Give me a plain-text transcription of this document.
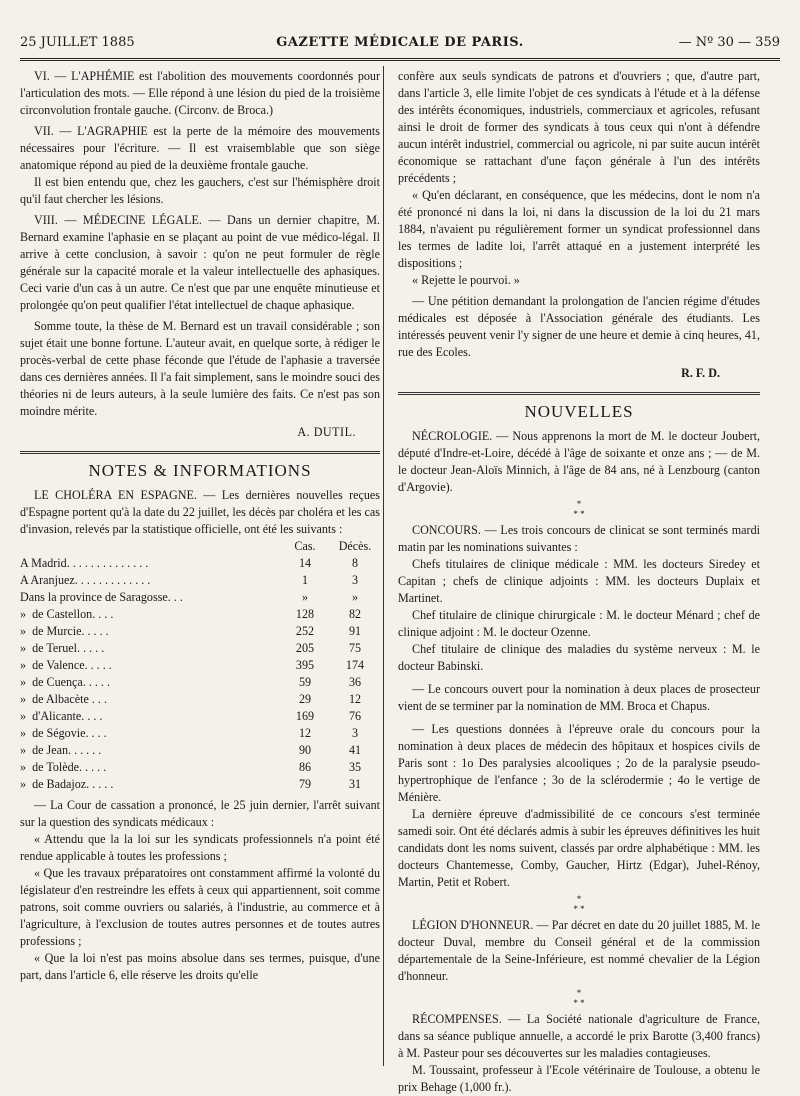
25 JUILLET 1885	GAZETTE MÉDICALE DE PARIS.	— Nº 30 — 359

VI. — L'APHÉMIE est l'abolition des mouvements coordonnés pour l'articulation des mots. — Elle répond à une lésion du pied de la troisième circonvolution frontale gauche. (Circonv. de Broca.)

VII. — L'AGRAPHIE est la perte de la mémoire des mouvements nécessaires pour l'écriture. — Il est vraisemblable que son siège anatomique répond au pied de la deuxième frontale gauche.

Il est bien entendu que, chez les gauchers, c'est sur l'hémisphère droit qu'il faut chercher les lésions.

VIII. — MÉDECINE LÉGALE. — Dans un dernier chapitre, M. Bernard examine l'aphasie en se plaçant au point de vue médico-légal. Il arrive à cette conclusion, à savoir : qu'on ne peut formuler de règle générale sur la capacité morale et la valeur intellectuelle des aphasiques. Ceci varie d'un cas à un autre. Ce n'est que par une enquête minutieuse et prolongée qu'on peut qualifier l'état intellectuel de chaque aphasique.

Somme toute, la thèse de M. Bernard est un travail considérable ; son sujet était une bonne fortune. L'auteur avait, en quelque sorte, à rédiger le procès-verbal de cette phase féconde que l'étude de l'aphasie a traversée dans ces dernières années. Il l'a fait simplement, sans le moindre souci des théories ni de leurs auteurs, à la seule lumière des faits. Ce n'est pas son moindre mérite.

A. DUTIL.
NOTES & INFORMATIONS

LE CHOLÉRA EN ESPAGNE. — Les dernières nouvelles reçues d'Espagne portent qu'à la date du 22 juillet, les décès par choléra et les cas d'invasion, relevés par la statistique officielle, ont été les suivants :

	Cas.	Décès.
A Madrid. . . . . . . . . . . . . .	14	8
A Aranjuez. . . . . . . . . . . . .	1	3
Dans la province de Saragosse. . .	»	»
»  de Castellon. . . .	128	82
»  de Murcie. . . . .	252	91
»  de Teruel. . . . .	205	75
»  de Valence. . . . .	395	174
»  de Cuença. . . . .	59	36
»  de Albacète . . .	29	12
»  d'Alicante. . . .	169	76
»  de Ségovie. . . .	12	3
»  de Jean. . . . . .	90	41
»  de Tolède. . . . .	86	35
»  de Badajoz. . . . .	79	31

— La Cour de cassation a prononcé, le 25 juin dernier, l'arrêt suivant sur la question des syndicats médicaux :

« Attendu que la la loi sur les syndicats professionnels n'a point été rendue applicable à toutes les professions ;

« Que les travaux préparatoires ont constamment affirmé la volonté du législateur d'en restreindre les effets à ceux qui appartiennent, soit comme patrons, soit comme ouvriers ou salariés, à l'industrie, au commerce et à l'agriculture, à l'exclusion de toutes autres personnes et de toutes autres professions ;

« Que la loi n'est pas moins absolue dans ses termes, puisque, d'une part, dans l'article 6, elle réserve les droits qu'elle

confère aux seuls syndicats de patrons et d'ouvriers ; que, d'autre part, dans l'article 3, elle limite l'objet de ces syndicats à l'étude et à la défense des intérêts économiques, industriels, commerciaux et agricoles, refusant ainsi le droit de former des syndicats à tous ceux qui n'ont à défendre aucun intérêt industriel, commercial ou agricole, ni par suite aucun intérêt économique se rattachant d'une façon générale à l'un des intérêts précédents ;

« Qu'en déclarant, en conséquence, que les médecins, dont le nom n'a été prononcé ni dans la loi, ni dans la discussion de la loi du 21 mars 1884, n'avaient pu régulièrement former un syndicat professionnel dans les termes de ladite loi, l'arrêt attaqué en a justement interprété les dispositions ;

« Rejette le pourvoi. »

— Une pétition demandant la prolongation de l'ancien régime d'études médicales est déposée à l'Association générale des étudiants. Les intéressés peuvent venir l'y signer de une heure et demie à cinq heures, 41, rue des Ecoles.

R. F. D.
NOUVELLES

NÉCROLOGIE. — Nous apprenons la mort de M. le docteur Joubert, député d'Indre-et-Loire, décédé à l'âge de soixante et onze ans ; — de M. le docteur Jean-Aloïs Minnich, à l'âge de 84 ans, né à Lenzbourg (canton d'Argovie).

*
* *

CONCOURS. — Les trois concours de clinicat se sont terminés mardi matin par les nominations suivantes :

Chefs titulaires de clinique médicale : MM. les docteurs Siredey et Capitan ; chefs de clinique adjoints : MM. les docteurs Duplaix et Martinet.

Chef titulaire de clinique chirurgicale : M. le docteur Ménard ; chef de clinique adjoint : M. le docteur Ozenne.

Chef titulaire de clinique des maladies du système nerveux : M. le docteur Babinski.

— Le concours ouvert pour la nomination à deux places de prosecteur vient de se terminer par la nomination de MM. Broca et Chapus.

— Les questions données à l'épreuve orale du concours pour la nomination à deux places de médecin des hôpitaux et hospices civils de Paris sont : 1o Des paralysies alcooliques ; 2o de la paralysie pseudo-hypertrophique de l'enfance ; 3o de la sclérodermie ; 4o le vertige de Ménière.

La dernière épreuve d'admissibilité de ce concours s'est terminée samedi soir. Ont été déclarés admis à subir les épreuves définitives les huit candidats dont les noms suivent, classés par ordre alphabétique : MM. les docteurs Chantemesse, Comby, Gaucher, Hirtz (Edgar), Juhel-Rénoy, Martin, Petit et Robert.

*
* *

LÉGION D'HONNEUR. — Par décret en date du 20 juillet 1885, M. le docteur Duval, membre du Conseil général et de la commission départementale de la Seine-Inférieure, est nommé chevalier de la Légion d'honneur.

*
* *

RÉCOMPENSES. — La Société nationale d'agriculture de France, dans sa séance publique annuelle, a accordé le prix Barotte (3,400 francs) à M. Pasteur pour ses découvertes sur les maladies contagieuses.

M. Toussaint, professeur à l'Ecole vétérinaire de Toulouse, a obtenu le prix Behage (1,000 fr.).
